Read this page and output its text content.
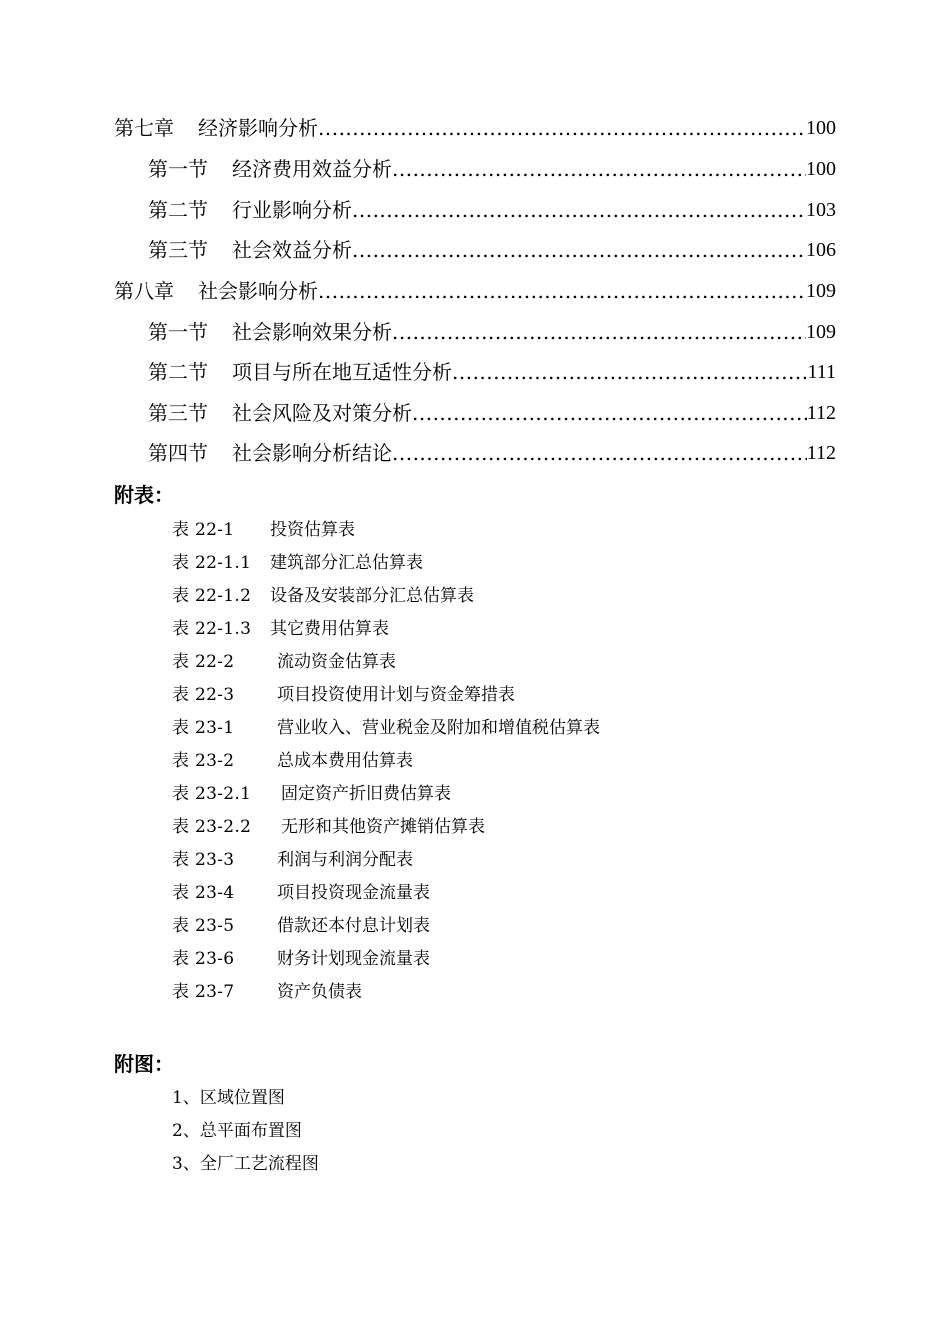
第七章 经济影响分析 .....	100
第一节 经济费用效益分析 .....	100
第二节 行业影响分析 .....	103
第三节 社会效益分析 .....	106
第八章 社会影响分析 .....	109
第一节 社会影响效果分析 .....	109
第二节 项目与所在地互适性分析 .....	111
第三节 社会风险及对策分析 .....	112
第四节 社会影响分析结论 .....	112
附表：
表 22-1 投资估算表
表 22-1.1 建筑部分汇总估算表
表 22-1.2 设备及安装部分汇总估算表
表 22-1.3 其它费用估算表
表 22-2	流动资金估算表
表 22-3	项目投资使用计划与资金筹措表
表 23-1	营业收入、营业税金及附加和增值税估算表
表 23-2	总成本费用估算表
表 23-2.1 固定资产折旧费估算表
表 23-2.2 无形和其他资产摊销估算表
表 23-3	利润与利润分配表
表 23-4	项目投资现金流量表
表 23-5	借款还本付息计划表
表 23-6	财务计划现金流量表
表 23-7	资产负债表
附图：
1、区域位置图
2、总平面布置图
3、全厂工艺流程图
